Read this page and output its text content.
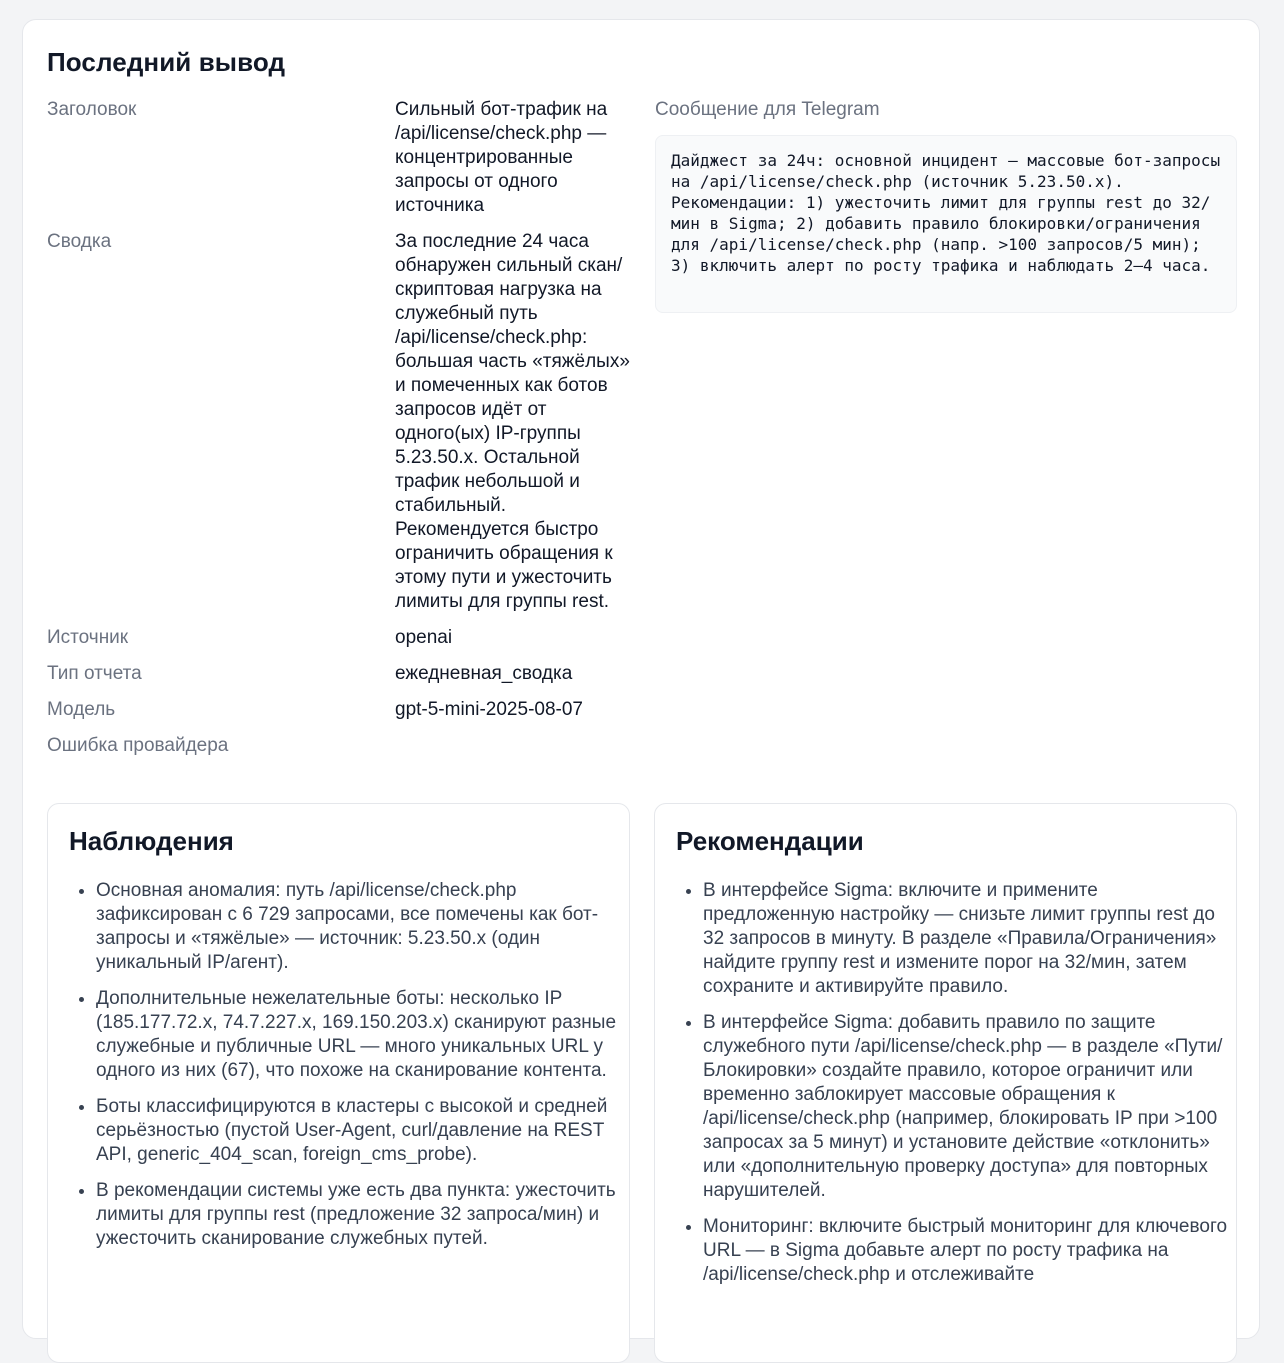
Последний вывод
Заголовок	Сильный бот-трафик на /api/license/check.php — концентрированные запросы от одного источника
Сводка	За последние 24 часа обнаружен сильный скан/скриптовая нагрузка на служебный путь /api/license/check.php: большая часть «тяжёлых» и помеченных как ботов запросов идёт от одного(ых) IP-группы 5.23.50.x. Остальной трафик небольшой и стабильный. Рекомендуется быстро ограничить обращения к этому пути и ужесточить лимиты для группы rest.
Источник	openai
Тип отчета	ежедневная_сводка
Модель	gpt-5-mini-2025-08-07
Ошибка провайдера
Сообщение для Telegram
Дайджест за 24ч: основной инцидент — массовые бот-запросы на /api/license/check.php (источник 5.23.50.x). Рекомендации: 1) ужесточить лимит для группы rest до 32/мин в Sigma; 2) добавить правило блокировки/ограничения для /api/license/check.php (напр. >100 запросов/5 мин); 3) включить алерт по росту трафика и наблюдать 2–4 часа.
Наблюдения
• Основная аномалия: путь /api/license/check.php зафиксирован с 6 729 запросами, все помечены как бот-запросы и «тяжёлые» — источник: 5.23.50.x (один уникальный IP/агент).
• Дополнительные нежелательные боты: несколько IP (185.177.72.x, 74.7.227.x, 169.150.203.x) сканируют разные служебные и публичные URL — много уникальных URL у одного из них (67), что похоже на сканирование контента.
• Боты классифицируются в кластеры с высокой и средней серьёзностью (пустой User-Agent, curl/давление на REST API, generic_404_scan, foreign_cms_probe).
• В рекомендации системы уже есть два пункта: ужесточить лимиты для группы rest (предложение 32 запроса/мин) и ужесточить сканирование служебных путей.
Рекомендации
• В интерфейсе Sigma: включите и примените предложенную настройку — снизьте лимит группы rest до 32 запросов в минуту. В разделе «Правила/Ограничения» найдите группу rest и измените порог на 32/мин, затем сохраните и активируйте правило.
• В интерфейсе Sigma: добавить правило по защите служебного пути /api/license/check.php — в разделе «Пути/Блокировки» создайте правило, которое ограничит или временно заблокирует массовые обращения к /api/license/check.php (например, блокировать IP при >100 запросах за 5 минут) и установите действие «отклонить» или «дополнительную проверку доступа» для повторных нарушителей.
• Мониторинг: включите быстрый мониторинг для ключевого URL — в Sigma добавьте алерт по росту трафика на /api/license/check.php и отслеживайте
